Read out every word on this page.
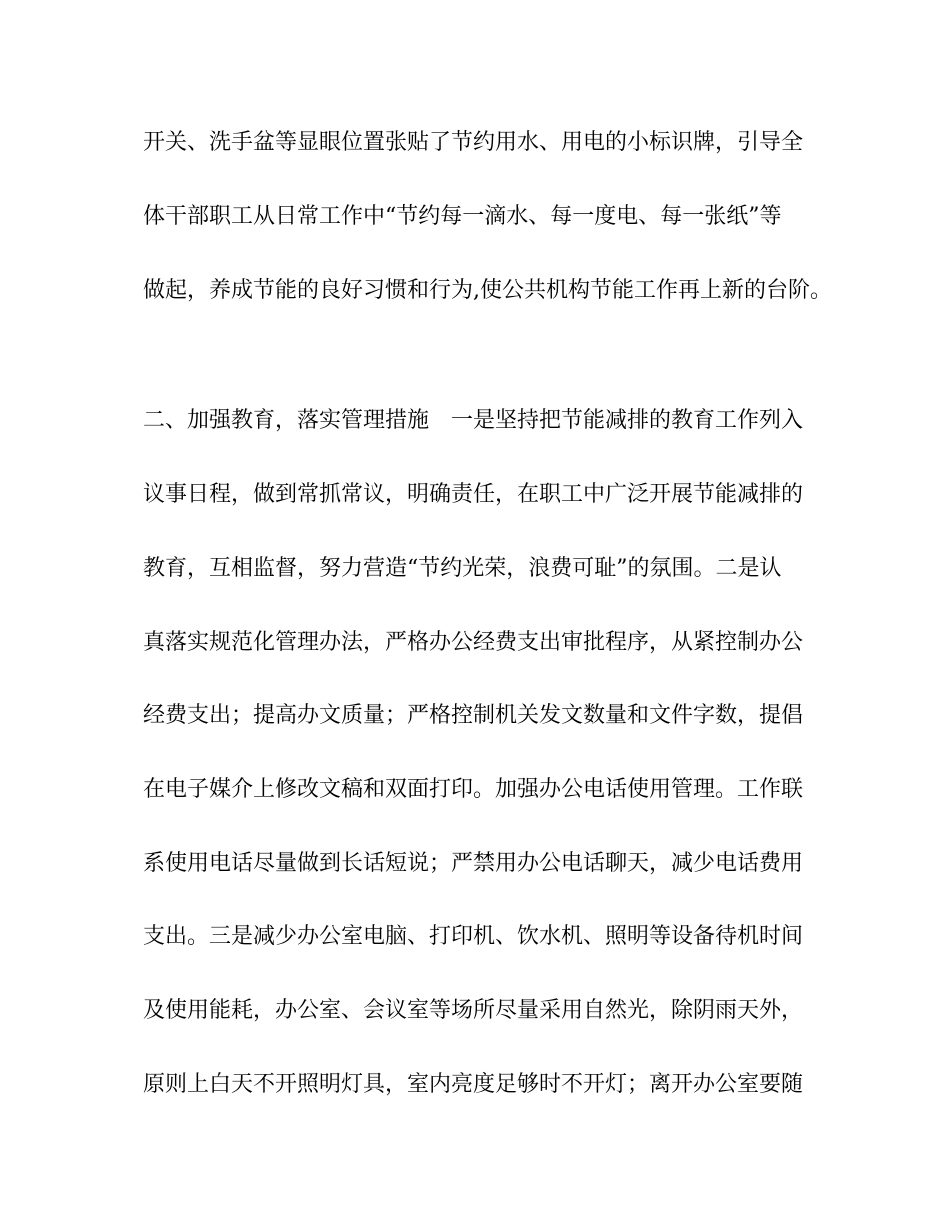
开关、洗手盆等显眼位置张贴了节约用水、用电的小标识牌，引导全
体干部职工从日常工作中“节约每一滴水、每一度电、每一张纸”等
做起，养成节能的良好习惯和行为,使公共机构节能工作再上新的台阶。
二、加强教育，落实管理措施　一是坚持把节能减排的教育工作列入
议事日程，做到常抓常议，明确责任，在职工中广泛开展节能减排的
教育，互相监督，努力营造“节约光荣，浪费可耻”的氛围。二是认
真落实规范化管理办法，严格办公经费支出审批程序，从紧控制办公
经费支出；提高办文质量；严格控制机关发文数量和文件字数，提倡
在电子媒介上修改文稿和双面打印。加强办公电话使用管理。工作联
系使用电话尽量做到长话短说；严禁用办公电话聊天，减少电话费用
支出。三是减少办公室电脑、打印机、饮水机、照明等设备待机时间
及使用能耗，办公室、会议室等场所尽量采用自然光，除阴雨天外，
原则上白天不开照明灯具，室内亮度足够时不开灯；离开办公室要随
